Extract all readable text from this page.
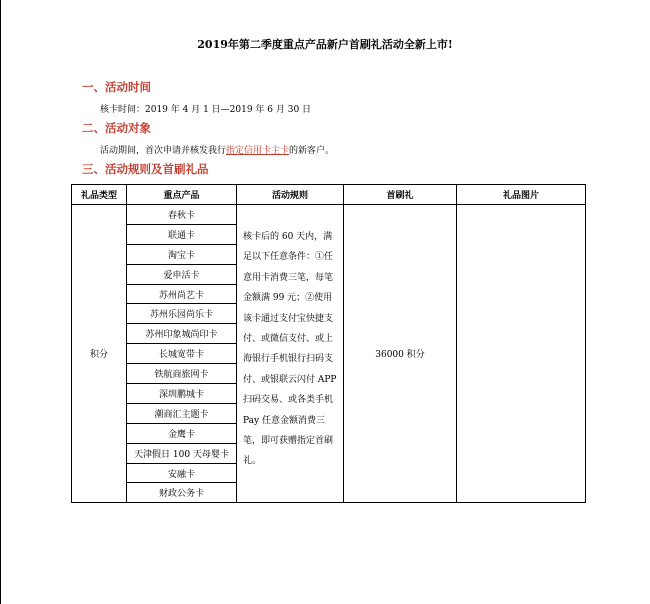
2019年第二季度重点产品新户首刷礼活动全新上市!
一、活动时间
核卡时间：2019 年 4 月 1 日—2019 年 6 月 30 日
二、活动对象
活动期间，首次申请并核发我行指定信用卡主卡的新客户。
三、活动规则及首刷礼品
礼品类型	重点产品	活动规则	首刷礼	礼品图片
积分	春秋卡	核卡后的 60 天内，满足以下任意条件：①任意用卡消费三笔，每笔金额满 99 元；②使用该卡通过支付宝快捷支付、或微信支付、或上海银行手机银行扫码支付、或银联云闪付 APP 扫码交易、或各类手机 Pay 任意金额消费三笔，即可获赠指定首刷礼。	36000 积分	
	联通卡			
	淘宝卡			
	爱申活卡			
	苏州尚艺卡			
	苏州乐园尚乐卡			
	苏州印象城尚印卡			
	长城宽带卡			
	铁航商旅网卡			
	深圳鹏城卡			
	潮商汇主题卡			
	金鹰卡			
	天津假日 100 天母婴卡			
	安融卡			
	财政公务卡			
